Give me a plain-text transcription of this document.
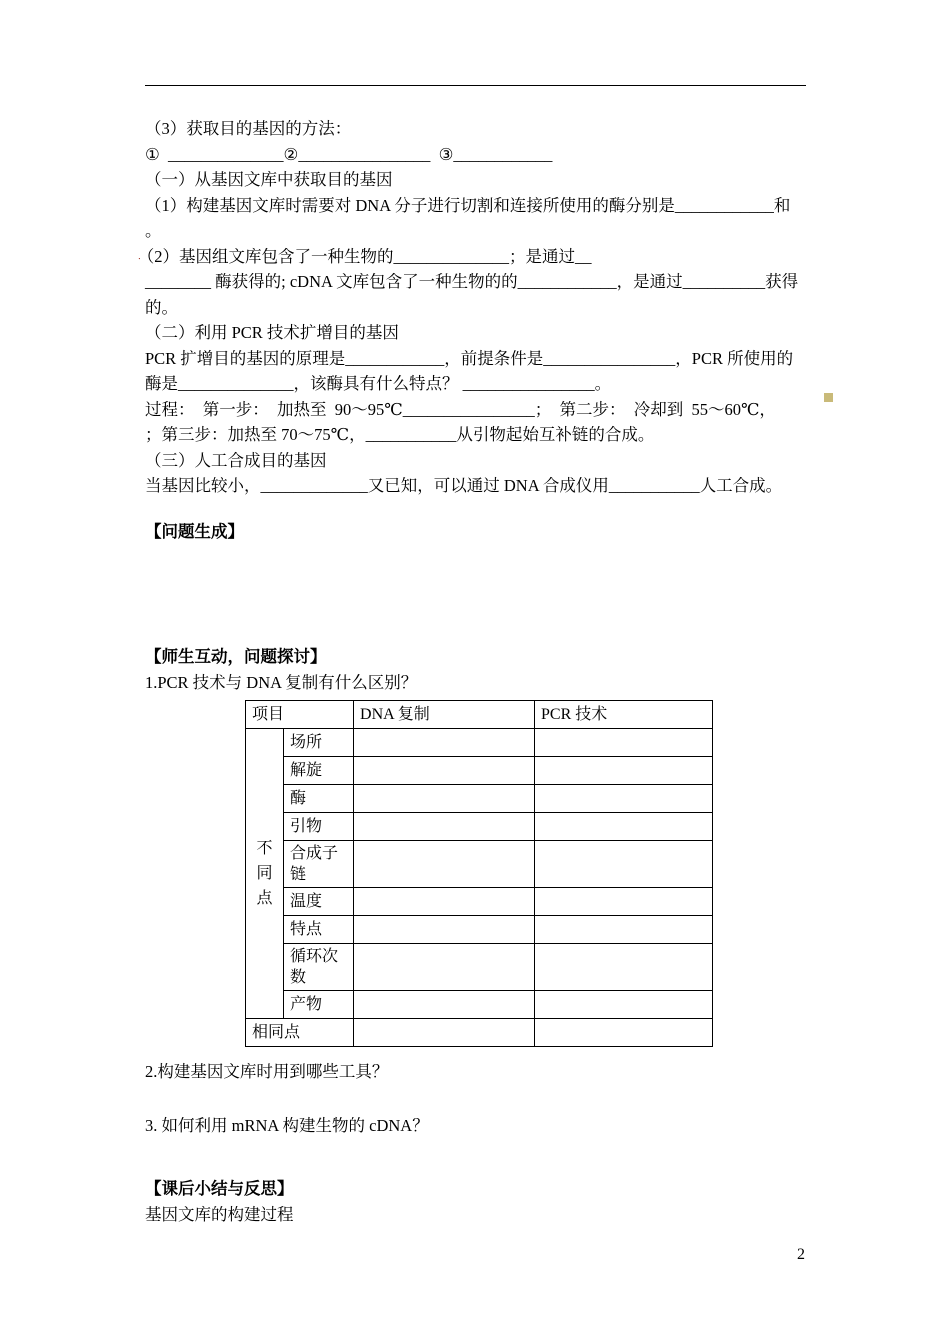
（3）获取目的基因的方法：
①  ______________②________________  ③____________
（一）从基因文库中获取目的基因
（1）构建基因文库时需要对 DNA 分子进行切割和连接所使用的酶分别是____________和
。
．（2）基因组文库包含了一种生物的______________；是通过__
________ 酶获得的; cDNA 文库包含了一种生物的的____________，是通过__________获得
的。
（二）利用 PCR 技术扩增目的基因
PCR 扩增目的基因的原理是____________，前提条件是________________，PCR 所使用的
酶是______________，该酶具有什么特点？ ________________。
过程：  第一步：  加热至  90～95℃________________；  第二步：  冷却到  55～60℃，
；第三步：加热至 70～75℃，___________从引物起始互补链的合成。
（三）人工合成目的基因
当基因比较小，_____________又已知，可以通过 DNA 合成仪用___________人工合成。
【问题生成】
【师生互动，问题探讨】
1.PCR 技术与 DNA 复制有什么区别？
项目		DNA 复制	PCR 技术
不同点	场所		
	解旋		
	酶		
	引物		
	合成子链		
	温度		
	特点		
	循环次数		
	产物		
相同点			
2.构建基因文库时用到哪些工具？
3. 如何利用 mRNA 构建生物的 cDNA？
【课后小结与反思】
基因文库的构建过程
2
